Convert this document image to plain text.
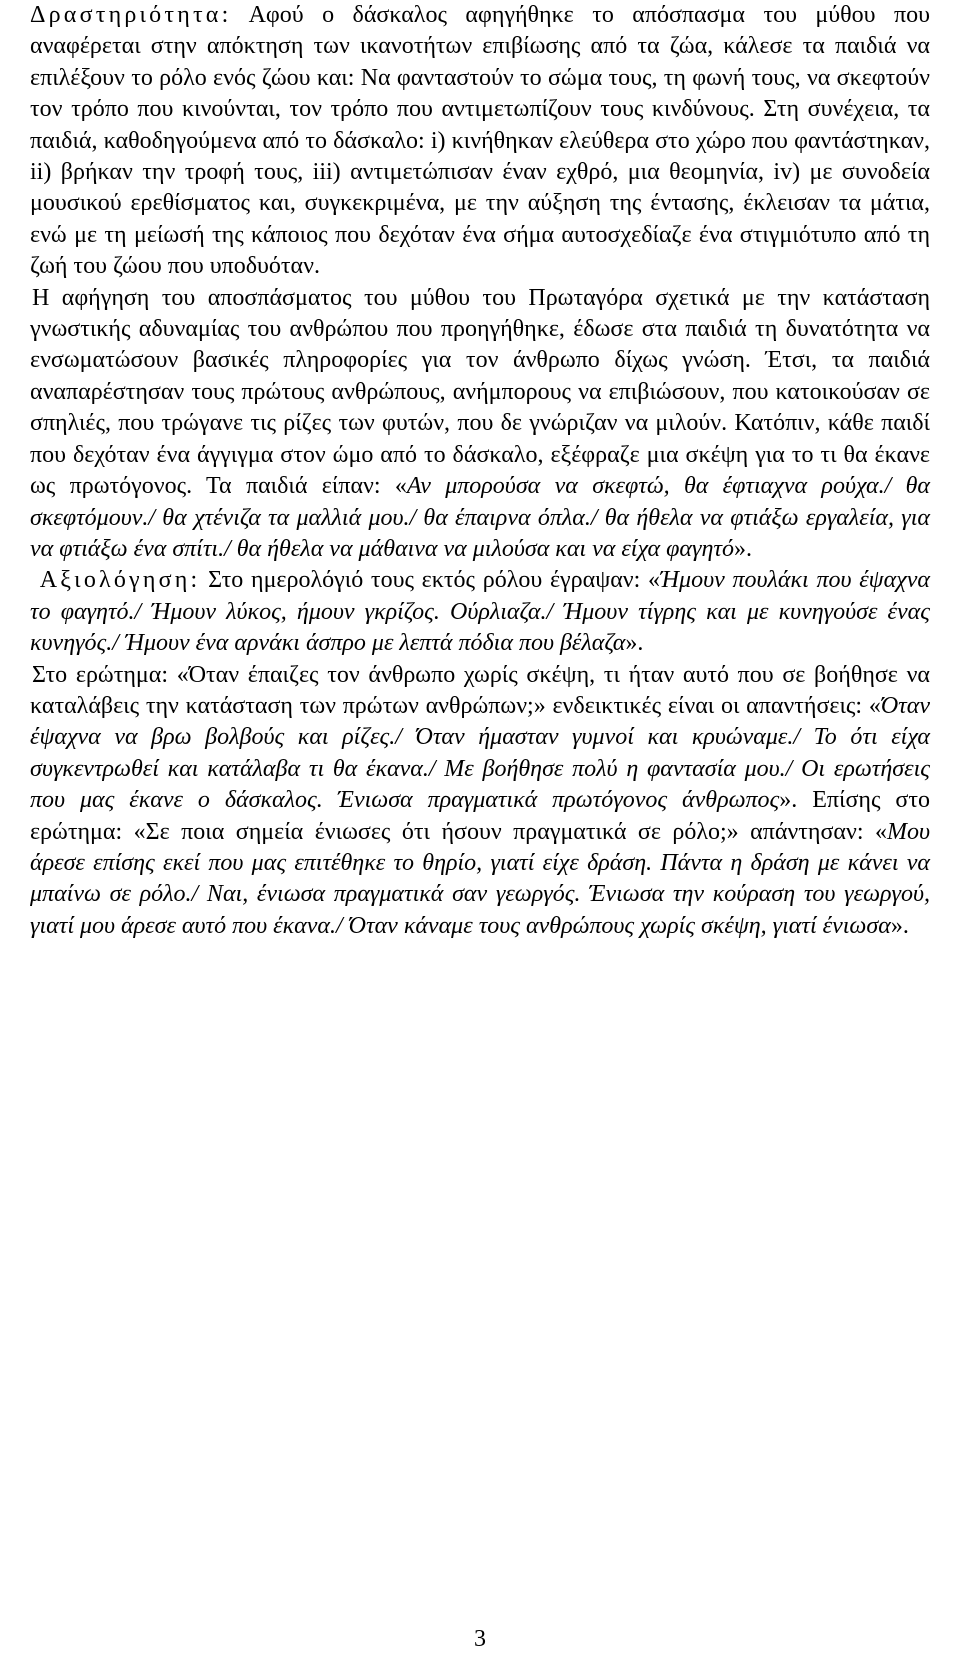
Δραστηριότητα: Αφού ο δάσκαλος αφηγήθηκε το απόσπασμα του μύθου που αναφέρεται στην απόκτηση των ικανοτήτων επιβίωσης από τα ζώα, κάλεσε τα παιδιά να επιλέξουν το ρόλο ενός ζώου και: Να φανταστούν το σώμα τους, τη φωνή τους, να σκεφτούν τον τρόπο που κινούνται, τον τρόπο που αντιμετωπίζουν τους κινδύνους. Στη συνέχεια, τα παιδιά, καθοδηγούμενα από το δάσκαλο: i) κινήθηκαν ελεύθερα στο χώρο που φαντάστηκαν, ii) βρήκαν την τροφή τους, iii) αντιμετώπισαν έναν εχθρό, μια θεομηνία, iv) με συνοδεία μουσικού ερεθίσματος και, συγκεκριμένα, με την αύξηση της έντασης, έκλεισαν τα μάτια, ενώ με τη μείωσή της κάποιος που δεχόταν ένα σήμα αυτοσχεδίαζε ένα στιγμιότυπο από τη ζωή του ζώου που υποδυόταν.

Η αφήγηση του αποσπάσματος του μύθου του Πρωταγόρα σχετικά με την κατάσταση γνωστικής αδυναμίας του ανθρώπου που προηγήθηκε, έδωσε στα παιδιά τη δυνατότητα να ενσωματώσουν βασικές πληροφορίες για τον άνθρωπο δίχως γνώση. Έτσι, τα παιδιά αναπαρέστησαν τους πρώτους ανθρώπους, ανήμπορους να επιβιώσουν, που κατοικούσαν σε σπηλιές, που τρώγανε τις ρίζες των φυτών, που δε γνώριζαν να μιλούν. Κατόπιν, κάθε παιδί που δεχόταν ένα άγγιγμα στον ώμο από το δάσκαλο, εξέφραζε μια σκέψη για το τι θα έκανε ως πρωτόγονος. Τα παιδιά είπαν: «Αν μπορούσα να σκεφτώ, θα έφτιαχνα ρούχα./ θα σκεφτόμουν./ θα χτένιζα τα μαλλιά μου./ θα έπαιρνα όπλα./ θα ήθελα να φτιάξω εργαλεία, για να φτιάξω ένα σπίτι./ θα ήθελα να μάθαινα να μιλούσα και να είχα φαγητό».

Αξιολόγηση: Στο ημερολόγιό τους εκτός ρόλου έγραψαν: «Ήμουν πουλάκι που έψαχνα το φαγητό./ Ήμουν λύκος, ήμουν γκρίζος. Ούρλιαζα./ Ήμουν τίγρης και με κυνηγούσε ένας κυνηγός./ Ήμουν ένα αρνάκι άσπρο με λεπτά πόδια που βέλαζα».

Στο ερώτημα: «Όταν έπαιζες τον άνθρωπο χωρίς σκέψη, τι ήταν αυτό που σε βοήθησε να καταλάβεις την κατάσταση των πρώτων ανθρώπων;» ενδεικτικές είναι οι απαντήσεις: «Όταν έψαχνα να βρω βολβούς και ρίζες./ Όταν ήμασταν γυμνοί και κρυώναμε./ Το ότι είχα συγκεντρωθεί και κατάλαβα τι θα έκανα./ Με βοήθησε πολύ η φαντασία μου./ Οι ερωτήσεις που μας έκανε ο δάσκαλος. Ένιωσα πραγματικά πρωτόγονος άνθρωπος». Επίσης στο ερώτημα: «Σε ποια σημεία ένιωσες ότι ήσουν πραγματικά σε ρόλο;» απάντησαν: «Μου άρεσε επίσης εκεί που μας επιτέθηκε το θηρίο, γιατί είχε δράση. Πάντα η δράση με κάνει να μπαίνω σε ρόλο./ Ναι, ένιωσα πραγματικά σαν γεωργός. Ένιωσα την κούραση του γεωργού, γιατί μου άρεσε αυτό που έκανα./ Όταν κάναμε τους ανθρώπους χωρίς σκέψη, γιατί ένιωσα».

3
